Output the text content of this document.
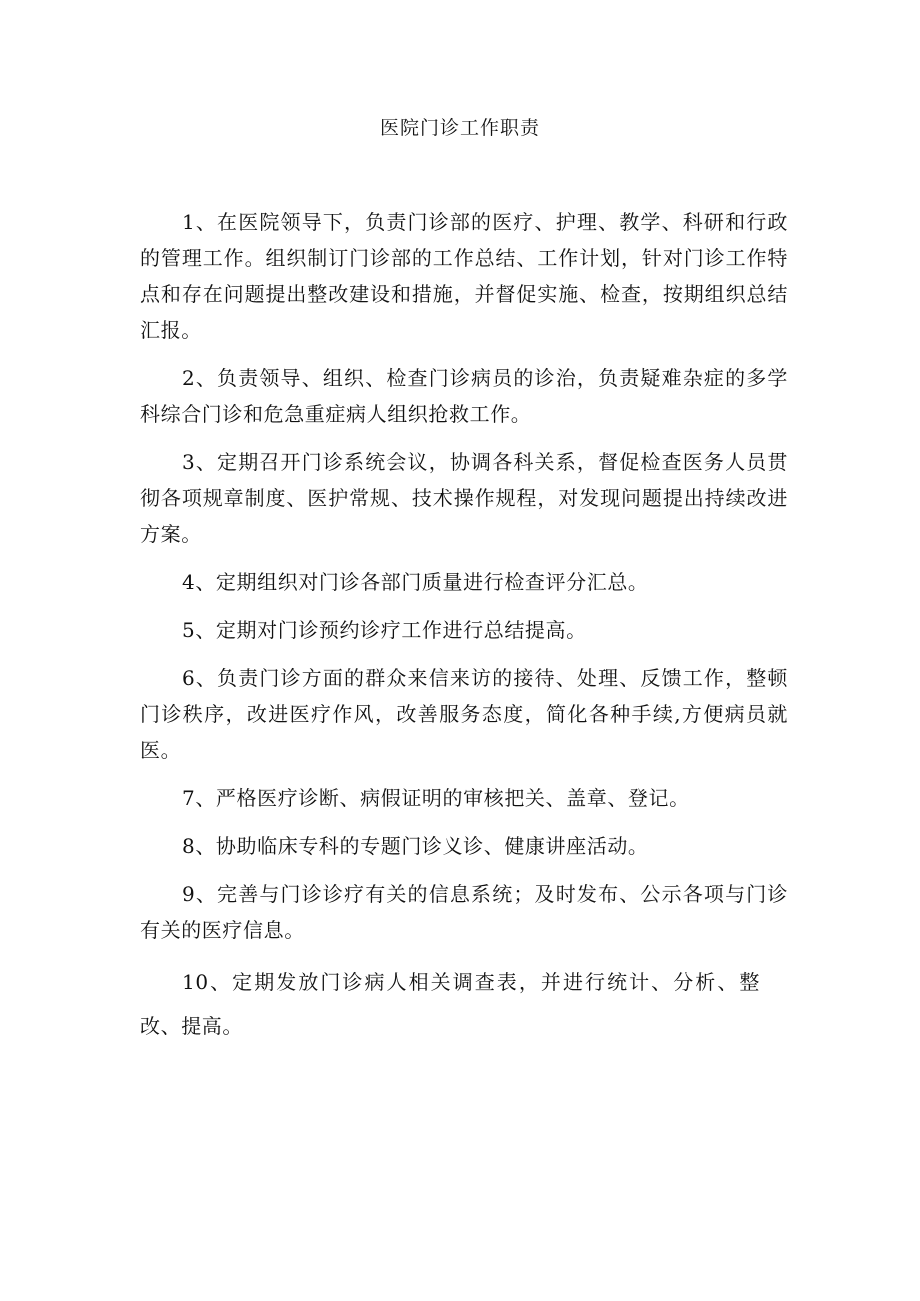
医院门诊工作职责

1、在医院领导下，负责门诊部的医疗、护理、教学、科研和行政的管理工作。组织制订门诊部的工作总结、工作计划，针对门诊工作特点和存在问题提出整改建设和措施，并督促实施、检查，按期组织总结汇报。

2、负责领导、组织、检查门诊病员的诊治，负责疑难杂症的多学科综合门诊和危急重症病人组织抢救工作。

3、定期召开门诊系统会议，协调各科关系，督促检查医务人员贯彻各项规章制度、医护常规、技术操作规程，对发现问题提出持续改进方案。

4、定期组织对门诊各部门质量进行检查评分汇总。

5、定期对门诊预约诊疗工作进行总结提高。

6、负责门诊方面的群众来信来访的接待、处理、反馈工作，整顿门诊秩序，改进医疗作风，改善服务态度，简化各种手续,方便病员就医。

7、严格医疗诊断、病假证明的审核把关、盖章、登记。

8、协助临床专科的专题门诊义诊、健康讲座活动。

9、完善与门诊诊疗有关的信息系统；及时发布、公示各项与门诊有关的医疗信息。

10、定期发放门诊病人相关调查表，并进行统计、分析、整改、提高。
